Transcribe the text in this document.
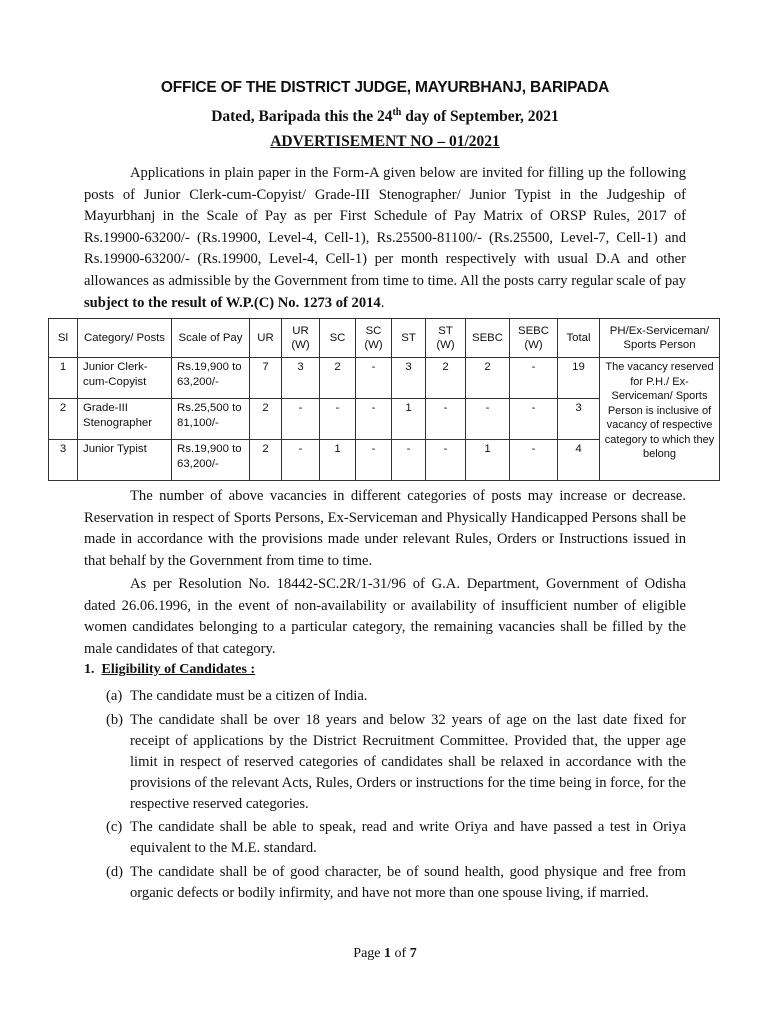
OFFICE OF THE DISTRICT JUDGE, MAYURBHANJ, BARIPADA
Dated, Baripada this the 24th day of September, 2021
ADVERTISEMENT NO – 01/2021
Applications in plain paper in the Form-A given below are invited for filling up the following posts of Junior Clerk-cum-Copyist/ Grade-III Stenographer/ Junior Typist in the Judgeship of Mayurbhanj in the Scale of Pay as per First Schedule of Pay Matrix of ORSP Rules, 2017 of Rs.19900-63200/- (Rs.19900, Level-4, Cell-1), Rs.25500-81100/- (Rs.25500, Level-7, Cell-1) and Rs.19900-63200/- (Rs.19900, Level-4, Cell-1) per month respectively with usual D.A and other allowances as admissible by the Government from time to time. All the posts carry regular scale of pay subject to the result of W.P.(C) No. 1273 of 2014.
Sl	Category/ Posts	Scale of Pay	UR	UR (W)	SC	SC (W)	ST	ST (W)	SEBC	SEBC (W)	Total	PH/Ex-Serviceman/ Sports Person
1	Junior Clerk-cum-Copyist	Rs.19,900 to 63,200/-	7	3	2	-	3	2	2	-	19	The vacancy reserved for P.H./ Ex-Serviceman/ Sports Person is inclusive of vacancy of respective category to which they belong
2	Grade-III Stenographer	Rs.25,500 to 81,100/-	2	-	-	-	1	-	-	-	3	
3	Junior Typist	Rs.19,900 to 63,200/-	2	-	1	-	-	-	1	-	4	
The number of above vacancies in different categories of posts may increase or decrease. Reservation in respect of Sports Persons, Ex-Serviceman and Physically Handicapped Persons shall be made in accordance with the provisions made under relevant Rules, Orders or Instructions issued in that behalf by the Government from time to time.
As per Resolution No. 18442-SC.2R/1-31/96 of G.A. Department, Government of Odisha dated 26.06.1996, in the event of non-availability or availability of insufficient number of eligible women candidates belonging to a particular category, the remaining vacancies shall be filled by the male candidates of that category.
1. Eligibility of Candidates :
(a) The candidate must be a citizen of India.
(b) The candidate shall be over 18 years and below 32 years of age on the last date fixed for receipt of applications by the District Recruitment Committee. Provided that, the upper age limit in respect of reserved categories of candidates shall be relaxed in accordance with the provisions of the relevant Acts, Rules, Orders or instructions for the time being in force, for the respective reserved categories.
(c) The candidate shall be able to speak, read and write Oriya and have passed a test in Oriya equivalent to the M.E. standard.
(d) The candidate shall be of good character, be of sound health, good physique and free from organic defects or bodily infirmity, and have not more than one spouse living, if married.
Page 1 of 7
